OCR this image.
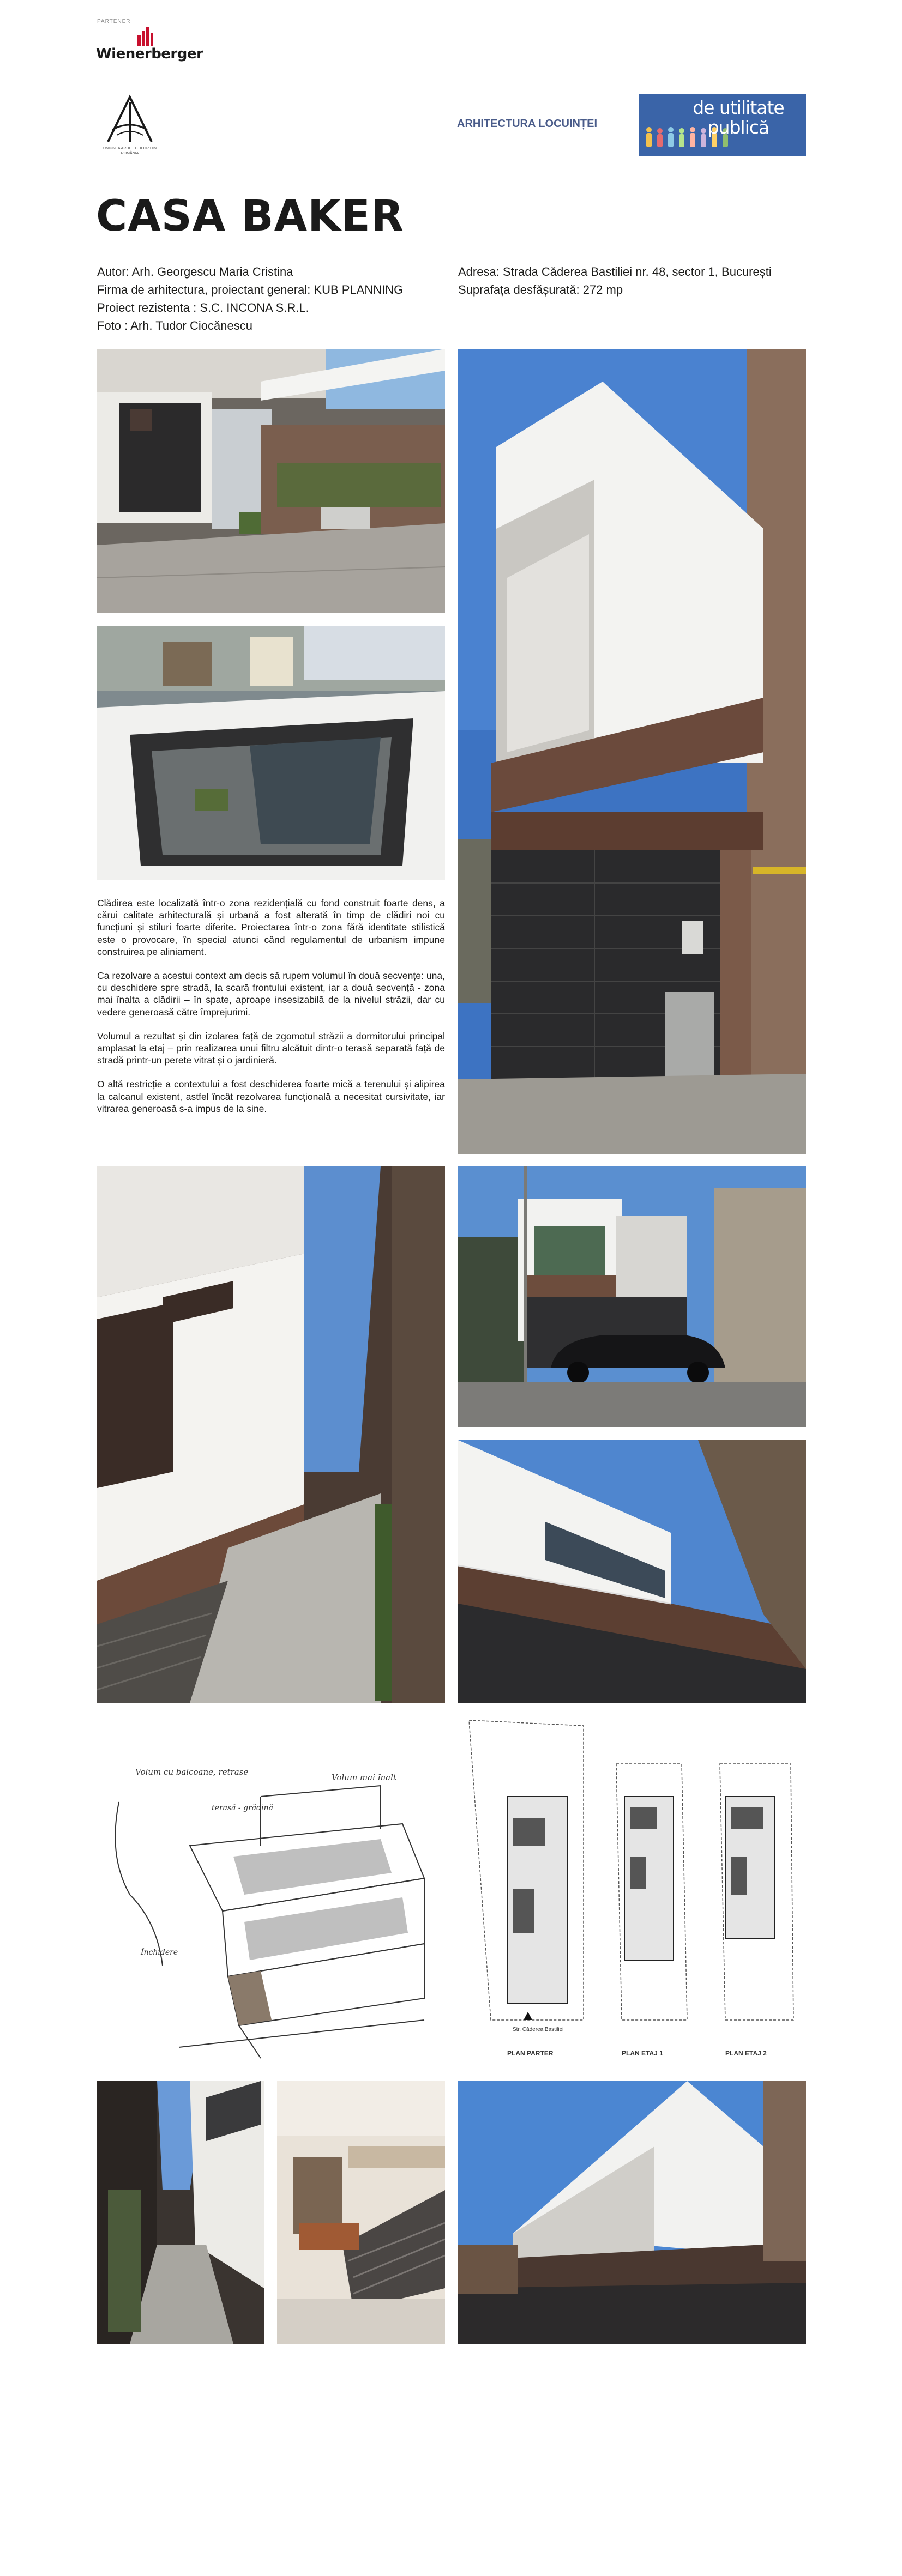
PARTENER
Wienerberger
UNIUNEA ARHITECȚILOR DIN ROMÂNIA
ARHITECTURA LOCUINȚEI
de utilitate
publică
CASA BAKER
Autor: Arh. Georgescu Maria Cristina
Firma de arhitectura, proiectant general: KUB PLANNING
Proiect rezistenta : S.C. INCONA S.R.L.
Foto : Arh. Tudor Ciocănescu
Adresa: Strada Căderea Bastiliei nr. 48, sector 1, București
Suprafața desfășurată: 272 mp

Clădirea este localizată într-o zona rezidențială cu fond construit foarte dens, a cărui calitate arhitecturală și urbană a fost alterată în timp de clădiri noi cu funcțiuni și stiluri foarte diferite. Proiectarea într-o zona fără identitate stilistică este o provocare, în special atunci când regulamentul de urbanism impune construirea pe aliniament.

Ca rezolvare a acestui context am decis să rupem volumul în două secvențe: una, cu deschidere spre stradă, la scară frontului existent, iar a două secvență - zona mai înalta a clădirii – în spate, aproape insesizabilă de la nivelul străzii, dar cu vedere generoasă către împrejurimi.

Volumul a rezultat și din izolarea față de zgomotul străzii a dormitorului principal amplasat la etaj – prin realizarea unui filtru alcătuit dintr-o terasă separată față de stradă printr-un perete vitrat și o jardinieră.

O altă restricție a contextului a fost deschiderea foarte mică a terenului și alipirea la calcanul existent, astfel încât rezolvarea funcțională a necesitat cursivitate, iar vitrarea generoasă s-a impus de la sine.

Volum cu balcoane, retrase
Volum mai înalt
terasă - grădină
Închidere
Str. Căderea Bastiliei
PLAN PARTER	PLAN ETAJ 1	PLAN ETAJ 2
